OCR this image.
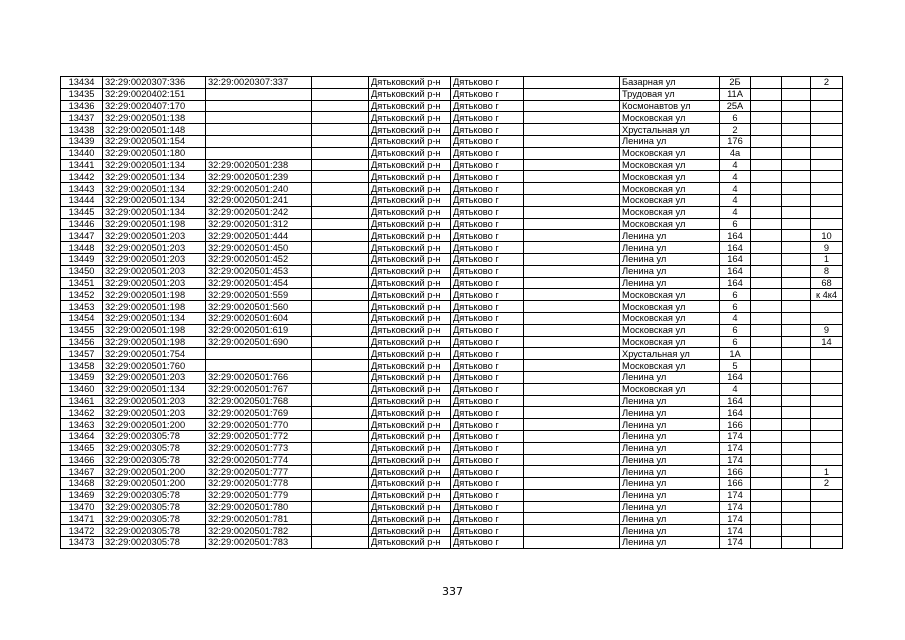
13434	32:29:0020307:336	32:29:0020307:337		Дятьковский р-н	Дятьково г		Базарная ул	2Б			2
13435	32:29:0020402:151			Дятьковский р-н	Дятьково г		Трудовая ул	11А			
13436	32:29:0020407:170			Дятьковский р-н	Дятьково г		Космонавтов ул	25А			
13437	32:29:0020501:138			Дятьковский р-н	Дятьково г		Московская ул	6			
13438	32:29:0020501:148			Дятьковский р-н	Дятьково г		Хрустальная ул	2			
13439	32:29:0020501:154			Дятьковский р-н	Дятьково г		Ленина ул	176			
13440	32:29:0020501:180			Дятьковский р-н	Дятьково г		Московская ул	4а			
13441	32:29:0020501:134	32:29:0020501:238		Дятьковский р-н	Дятьково г		Московская ул	4			
13442	32:29:0020501:134	32:29:0020501:239		Дятьковский р-н	Дятьково г		Московская ул	4			
13443	32:29:0020501:134	32:29:0020501:240		Дятьковский р-н	Дятьково г		Московская ул	4			
13444	32:29:0020501:134	32:29:0020501:241		Дятьковский р-н	Дятьково г		Московская ул	4			
13445	32:29:0020501:134	32:29:0020501:242		Дятьковский р-н	Дятьково г		Московская ул	4			
13446	32:29:0020501:198	32:29:0020501:312		Дятьковский р-н	Дятьково г		Московская ул	6			
13447	32:29:0020501:203	32:29:0020501:444		Дятьковский р-н	Дятьково г		Ленина ул	164			10
13448	32:29:0020501:203	32:29:0020501:450		Дятьковский р-н	Дятьково г		Ленина ул	164			9
13449	32:29:0020501:203	32:29:0020501:452		Дятьковский р-н	Дятьково г		Ленина ул	164			1
13450	32:29:0020501:203	32:29:0020501:453		Дятьковский р-н	Дятьково г		Ленина ул	164			8
13451	32:29:0020501:203	32:29:0020501:454		Дятьковский р-н	Дятьково г		Ленина ул	164			68
13452	32:29:0020501:198	32:29:0020501:559		Дятьковский р-н	Дятьково г		Московская ул	6			к 4к4
13453	32:29:0020501:198	32:29:0020501:560		Дятьковский р-н	Дятьково г		Московская ул	6			
13454	32:29:0020501:134	32:29:0020501:604		Дятьковский р-н	Дятьково г		Московская ул	4			
13455	32:29:0020501:198	32:29:0020501:619		Дятьковский р-н	Дятьково г		Московская ул	6			9
13456	32:29:0020501:198	32:29:0020501:690		Дятьковский р-н	Дятьково г		Московская ул	6			14
13457	32:29:0020501:754			Дятьковский р-н	Дятьково г		Хрустальная ул	1А			
13458	32:29:0020501:760			Дятьковский р-н	Дятьково г		Московская ул	5			
13459	32:29:0020501:203	32:29:0020501:766		Дятьковский р-н	Дятьково г		Ленина ул	164			
13460	32:29:0020501:134	32:29:0020501:767		Дятьковский р-н	Дятьково г		Московская ул	4			
13461	32:29:0020501:203	32:29:0020501:768		Дятьковский р-н	Дятьково г		Ленина ул	164			
13462	32:29:0020501:203	32:29:0020501:769		Дятьковский р-н	Дятьково г		Ленина ул	164			
13463	32:29:0020501:200	32:29:0020501:770		Дятьковский р-н	Дятьково г		Ленина ул	166			
13464	32:29:0020305:78	32:29:0020501:772		Дятьковский р-н	Дятьково г		Ленина ул	174			
13465	32:29:0020305:78	32:29:0020501:773		Дятьковский р-н	Дятьково г		Ленина ул	174			
13466	32:29:0020305:78	32:29:0020501:774		Дятьковский р-н	Дятьково г		Ленина ул	174			
13467	32:29:0020501:200	32:29:0020501:777		Дятьковский р-н	Дятьково г		Ленина ул	166			1
13468	32:29:0020501:200	32:29:0020501:778		Дятьковский р-н	Дятьково г		Ленина ул	166			2
13469	32:29:0020305:78	32:29:0020501:779		Дятьковский р-н	Дятьково г		Ленина ул	174			
13470	32:29:0020305:78	32:29:0020501:780		Дятьковский р-н	Дятьково г		Ленина ул	174			
13471	32:29:0020305:78	32:29:0020501:781		Дятьковский р-н	Дятьково г		Ленина ул	174			
13472	32:29:0020305:78	32:29:0020501:782		Дятьковский р-н	Дятьково г		Ленина ул	174			
13473	32:29:0020305:78	32:29:0020501:783		Дятьковский р-н	Дятьково г		Ленина ул	174			
337
